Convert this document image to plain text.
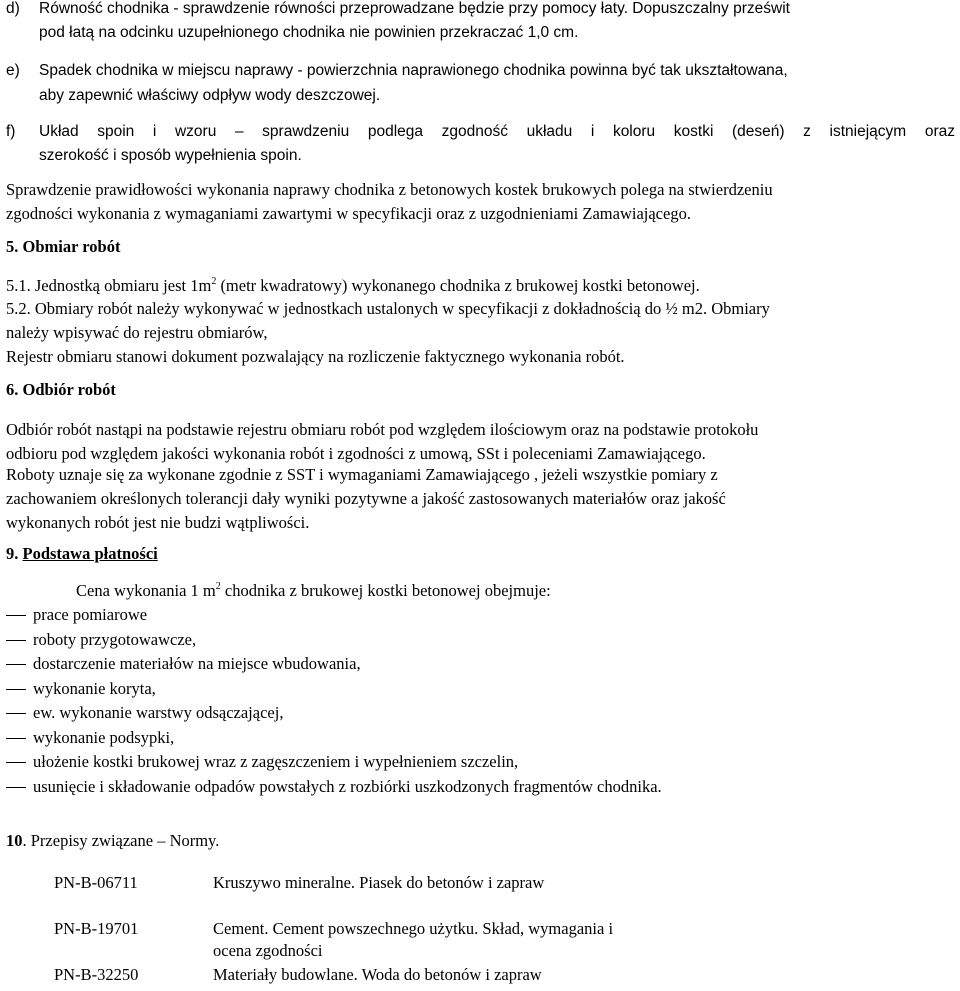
d) Równość chodnika - sprawdzenie równości przeprowadzane będzie przy pomocy łaty. Dopuszczalny prześwit
pod łatą na odcinku uzupełnionego chodnika nie powinien przekraczać 1,0 cm.
e) Spadek chodnika w miejscu naprawy - powierzchnia naprawionego chodnika powinna być tak ukształtowana,
aby zapewnić właściwy odpływ wody deszczowej.
f) Układ spoin i wzoru – sprawdzeniu podlega zgodność układu i koloru kostki (deseń) z istniejącym oraz
szerokość i sposób wypełnienia spoin.
Sprawdzenie prawidłowości wykonania naprawy chodnika z betonowych kostek brukowych polega na stwierdzeniu
zgodności wykonania z wymaganiami zawartymi w specyfikacji oraz z uzgodnieniami Zamawiającego.
5. Obmiar robót
5.1. Jednostką obmiaru jest $1m^2$ (metr kwadratowy) wykonanego chodnika z brukowej kostki betonowej.
5.2. Obmiary robót należy wykonywać w jednostkach ustalonych w specyfikacji z dokładnością do ½ m2. Obmiary
należy wpisywać do rejestru obmiarów,
Rejestr obmiaru stanowi dokument pozwalający na rozliczenie faktycznego wykonania robót.
6. Odbiór robót
Odbiór robót nastąpi na podstawie rejestru obmiaru robót pod względem ilościowym oraz na podstawie protokołu
odbioru pod względem jakości wykonania robót i zgodności z umową, SSt i poleceniami Zamawiającego.
Roboty uznaje się za wykonane zgodnie z SST i wymaganiami Zamawiającego , jeżeli wszystkie pomiary z
zachowaniem określonych tolerancji dały wyniki pozytywne a jakość zastosowanych materiałów oraz jakość
wykonanych robót jest nie budzi wątpliwości.
9. Podstawa płatności
Cena wykonania 1 $m^2$ chodnika z brukowej kostki betonowej obejmuje:
prace pomiarowe
roboty przygotowawcze,
dostarczenie materiałów na miejsce wbudowania,
wykonanie koryta,
ew. wykonanie warstwy odsączającej,
wykonanie podsypki,
ułożenie kostki brukowej wraz z zagęszczeniem i wypełnieniem szczelin,
usunięcie i składowanie odpadów powstałych z rozbiórki uszkodzonych fragmentów chodnika.
10. Przepisy związane – Normy.
PN-B-06711	Kruszywo mineralne. Piasek do betonów i zapraw
PN-B-19701	Cement. Cement powszechnego użytku. Skład, wymagania i
ocena zgodności
PN-B-32250	Materiały budowlane. Woda do betonów i zapraw
